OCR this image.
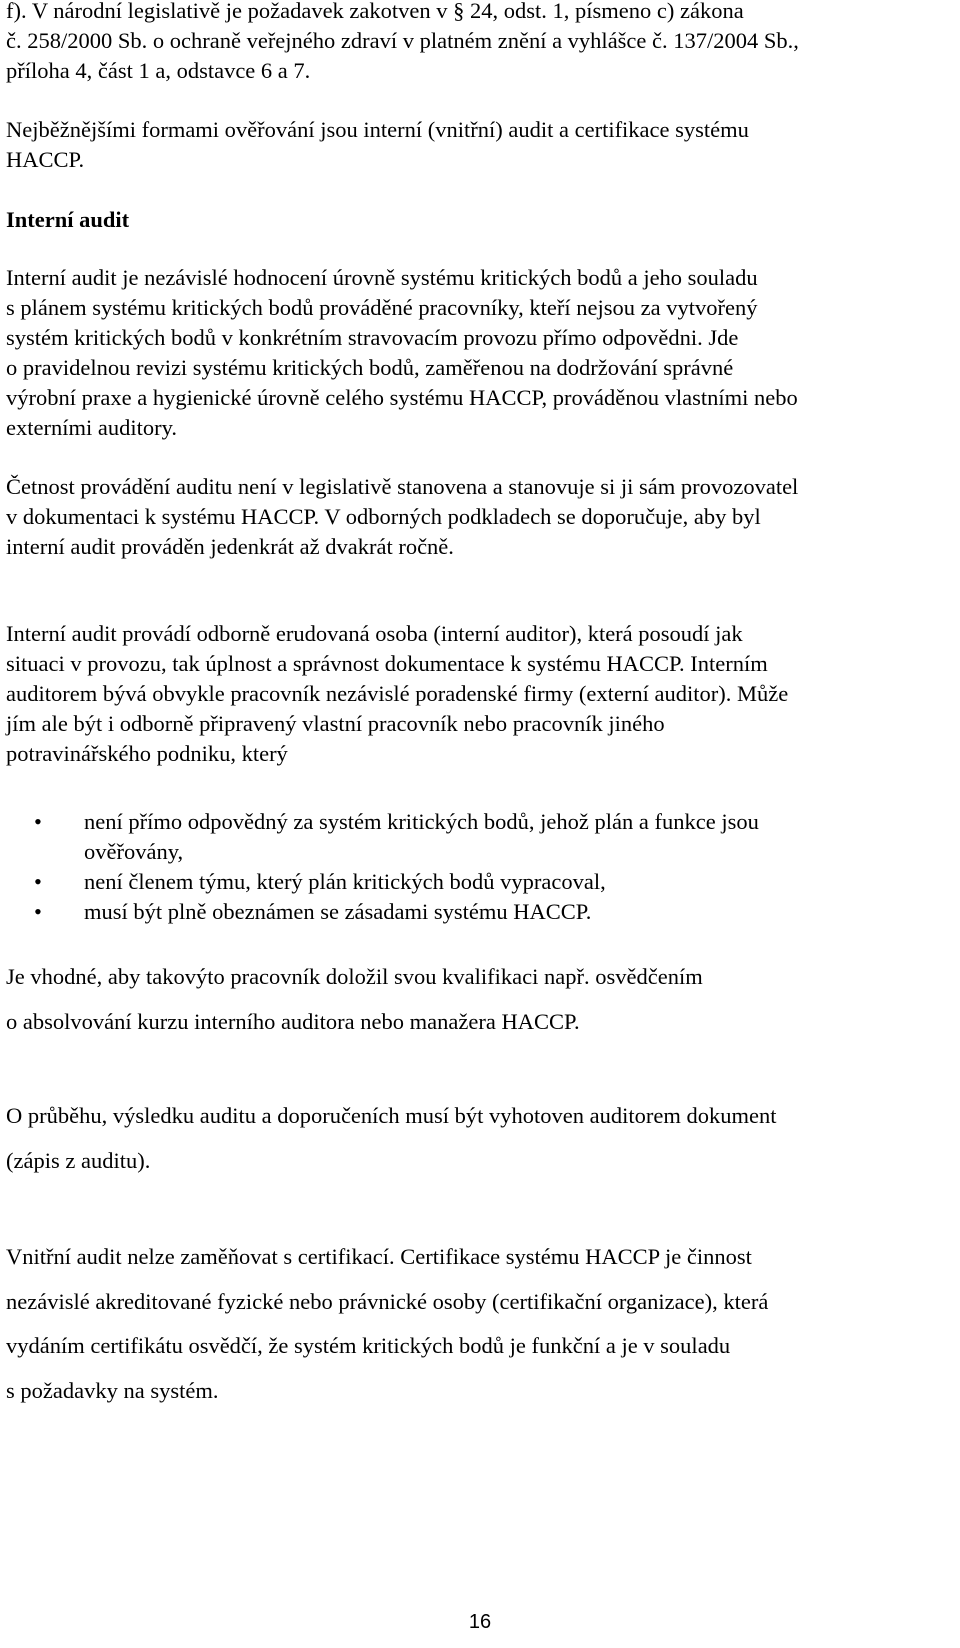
f). V národní legislativě je požadavek zakotven v § 24, odst. 1, písmeno c) zákona
č. 258/2000 Sb. o ochraně veřejného zdraví v platném znění a vyhlášce č. 137/2004 Sb.,
příloha 4, část 1 a, odstavce 6 a 7.

Nejběžnějšími formami ověřování jsou interní (vnitřní) audit a certifikace systému
HACCP.

Interní audit

Interní audit je nezávislé hodnocení úrovně systému kritických bodů a jeho souladu
s plánem systému kritických bodů prováděné pracovníky, kteří nejsou za vytvořený
systém kritických bodů v konkrétním stravovacím provozu přímo odpovědni. Jde
o pravidelnou revizi systému kritických bodů, zaměřenou na dodržování správné
výrobní praxe a hygienické úrovně celého systému HACCP, prováděnou vlastními nebo
externími auditory.

Četnost provádění auditu není v legislativě stanovena a stanovuje si ji sám provozovatel
v dokumentaci k systému HACCP. V odborných podkladech se doporučuje, aby byl
interní audit prováděn jedenkrát až dvakrát ročně.

Interní audit provádí odborně erudovaná osoba (interní auditor), která posoudí jak
situaci v provozu, tak úplnost a správnost dokumentace k systému HACCP. Interním
auditorem bývá obvykle pracovník nezávislé poradenské firmy (externí auditor). Může
jím ale být i odborně připravený vlastní pracovník nebo pracovník jiného
potravinářského podniku, který

• není přímo odpovědný za systém kritických bodů, jehož plán a funkce jsou ověřovány,
• není členem týmu, který plán kritických bodů vypracoval,
• musí být plně obeznámen se zásadami systému HACCP.

Je vhodné, aby takovýto pracovník doložil svou kvalifikaci např. osvědčením

o absolvování kurzu interního auditora nebo manažera HACCP.

O průběhu, výsledku auditu a doporučeních musí být vyhotoven auditorem dokument

(zápis z auditu).

Vnitřní audit nelze zaměňovat s certifikací. Certifikace systému HACCP je činnost

nezávislé akreditované fyzické nebo právnické osoby (certifikační organizace), která

vydáním certifikátu osvědčí, že systém kritických bodů je funkční a je v souladu

s požadavky na systém.

16
